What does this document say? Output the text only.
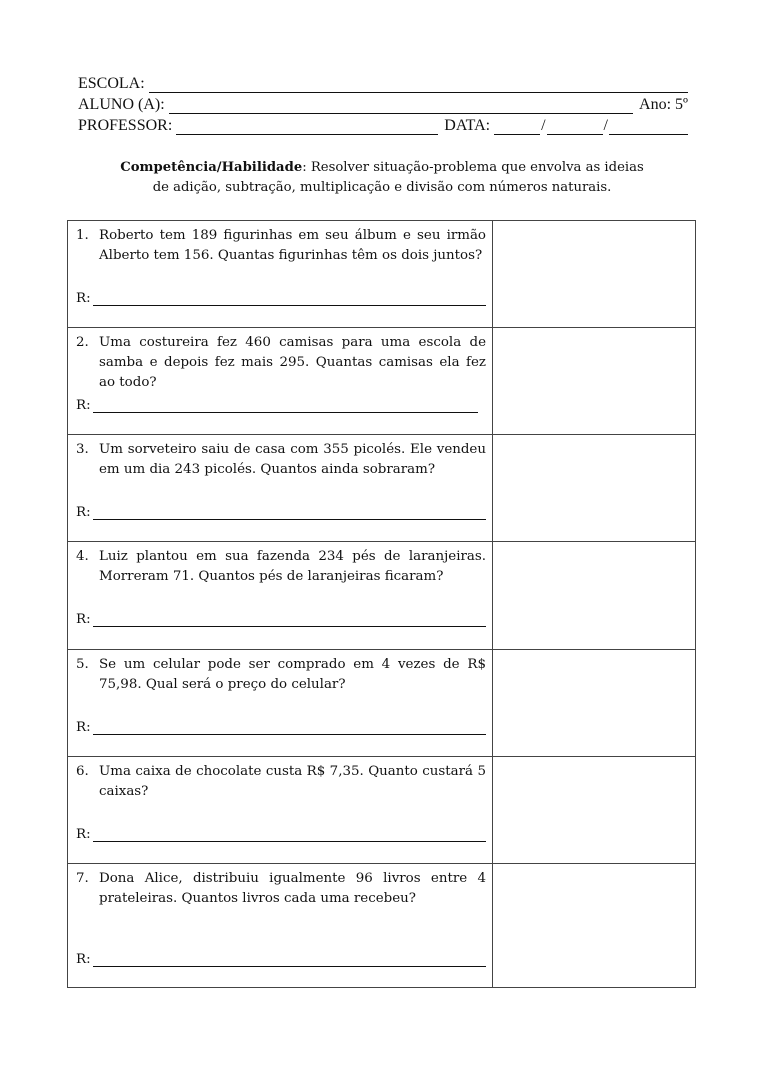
ESCOLA:
ALUNO (A):	Ano: 5º
PROFESSOR:	DATA:	/	/
Competência/Habilidade: Resolver situação-problema que envolva as ideias
de adição, subtração, multiplicação e divisão com números naturais.
1. Roberto tem 189 figurinhas em seu álbum e seu irmão Alberto tem 156. Quantas figurinhas têm os dois juntos?
R:
2. Uma costureira fez 460 camisas para uma escola de samba e depois fez mais 295. Quantas camisas ela fez ao todo?
R:
3. Um sorveteiro saiu de casa com 355 picolés. Ele vendeu em um dia 243 picolés. Quantos ainda sobraram?
R:
4. Luiz plantou em sua fazenda 234 pés de laranjeiras. Morreram 71. Quantos pés de laranjeiras ficaram?
R:
5. Se um celular pode ser comprado em 4 vezes de R$ 75,98. Qual será o preço do celular?
R:
6. Uma caixa de chocolate custa R$ 7,35. Quanto custará 5 caixas?
R:
7. Dona Alice, distribuiu igualmente 96 livros entre 4 prateleiras. Quantos livros cada uma recebeu?
R:
